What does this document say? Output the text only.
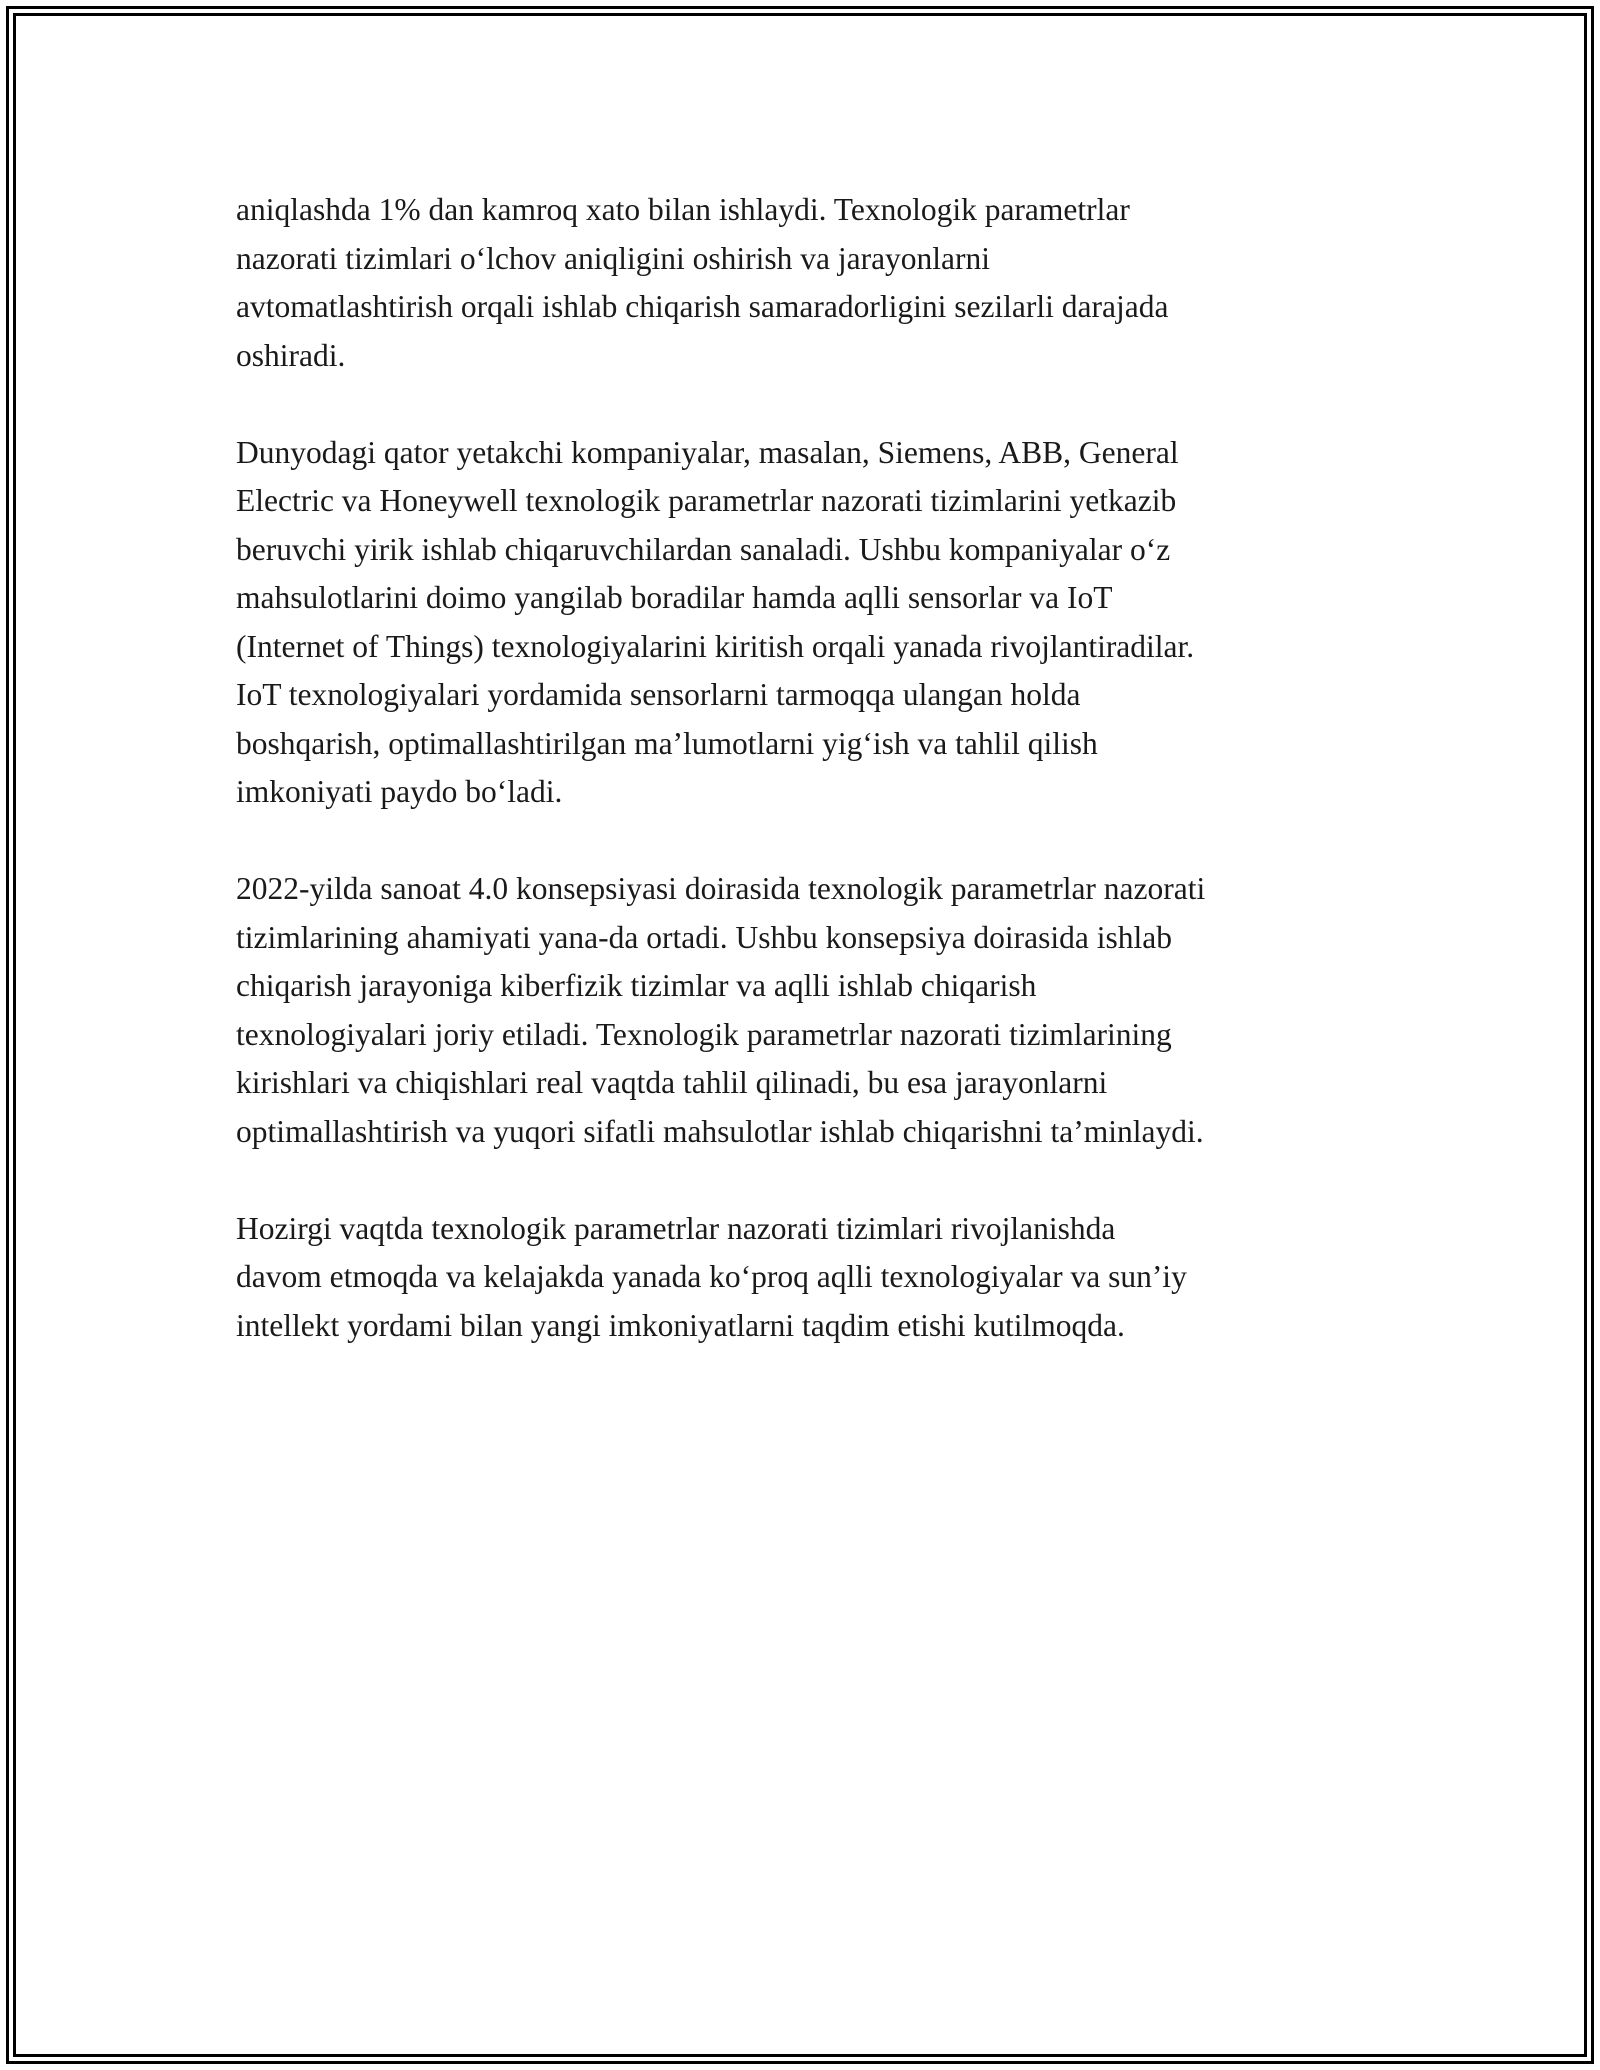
aniqlashda 1% dan kamroq xato bilan ishlaydi. Texnologik parametrlar
nazorati tizimlari o‘lchov aniqligini oshirish va jarayonlarni
avtomatlashtirish orqali ishlab chiqarish samaradorligini sezilarli darajada
oshiradi.

Dunyodagi qator yetakchi kompaniyalar, masalan, Siemens, ABB, General
Electric va Honeywell texnologik parametrlar nazorati tizimlarini yetkazib
beruvchi yirik ishlab chiqaruvchilardan sanaladi. Ushbu kompaniyalar o‘z
mahsulotlarini doimo yangilab boradilar hamda aqlli sensorlar va IoT
(Internet of Things) texnologiyalarini kiritish orqali yanada rivojlantiradilar.
IoT texnologiyalari yordamida sensorlarni tarmoqqa ulangan holda
boshqarish, optimallashtirilgan ma’lumotlarni yig‘ish va tahlil qilish
imkoniyati paydo bo‘ladi.

2022-yilda sanoat 4.0 konsepsiyasi doirasida texnologik parametrlar nazorati
tizimlarining ahamiyati yana-da ortadi. Ushbu konsepsiya doirasida ishlab
chiqarish jarayoniga kiberfizik tizimlar va aqlli ishlab chiqarish
texnologiyalari joriy etiladi. Texnologik parametrlar nazorati tizimlarining
kirishlari va chiqishlari real vaqtda tahlil qilinadi, bu esa jarayonlarni
optimallashtirish va yuqori sifatli mahsulotlar ishlab chiqarishni ta’minlaydi.

Hozirgi vaqtda texnologik parametrlar nazorati tizimlari rivojlanishda
davom etmoqda va kelajakda yanada ko‘proq aqlli texnologiyalar va sun’iy
intellekt yordami bilan yangi imkoniyatlarni taqdim etishi kutilmoqda.
